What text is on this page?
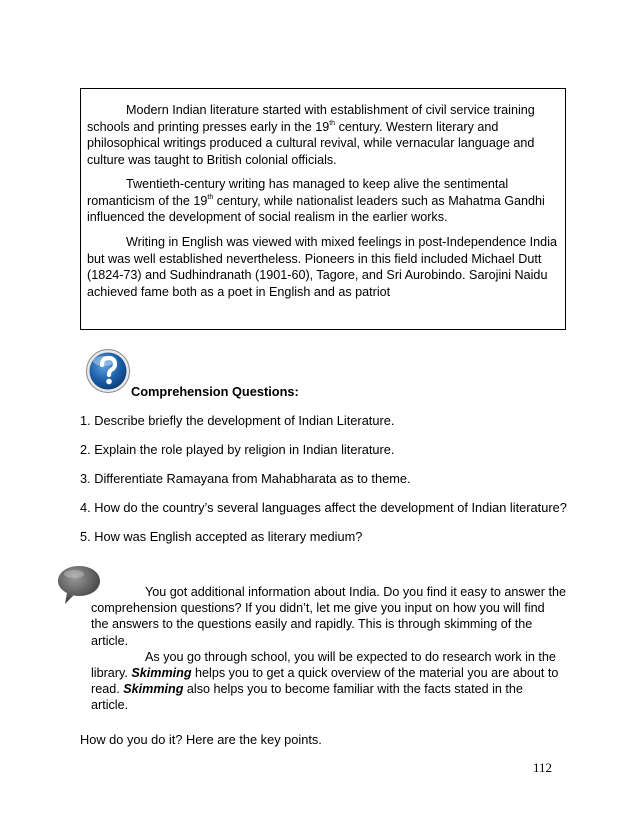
Modern Indian literature started with establishment of civil service training
schools and printing presses early in the 19th century. Western literary and
philosophical writings produced a cultural revival, while vernacular language and
culture was taught to British colonial officials.

Twentieth-century writing has managed to keep alive the sentimental
romanticism of the 19th century, while nationalist leaders such as Mahatma Gandhi
influenced the development of social realism in the earlier works.

Writing in English was viewed with mixed feelings in post-Independence India
but was well established nevertheless. Pioneers in this field included Michael Dutt
(1824-73) and Sudhindranath (1901-60), Tagore, and Sri Aurobindo. Sarojini Naidu
achieved fame both as a poet in English and as patriot

Comprehension Questions:

1. Describe briefly the development of Indian Literature.

2. Explain the role played by religion in Indian literature.

3. Differentiate Ramayana from Mahabharata as to theme.

4. How do the country’s several languages affect the development of Indian literature?

5. How was English accepted as literary medium?

You got additional information about India. Do you find it easy to answer the
comprehension questions? If you didn’t, let me give you input on how you will find
the answers to the questions easily and rapidly. This is through skimming of the
article.
As you go through school, you will be expected to do research work in the
library. Skimming helps you to get a quick overview of the material you are about to
read. Skimming also helps you to become familiar with the facts stated in the
article.

How do you do it? Here are the key points.

112
